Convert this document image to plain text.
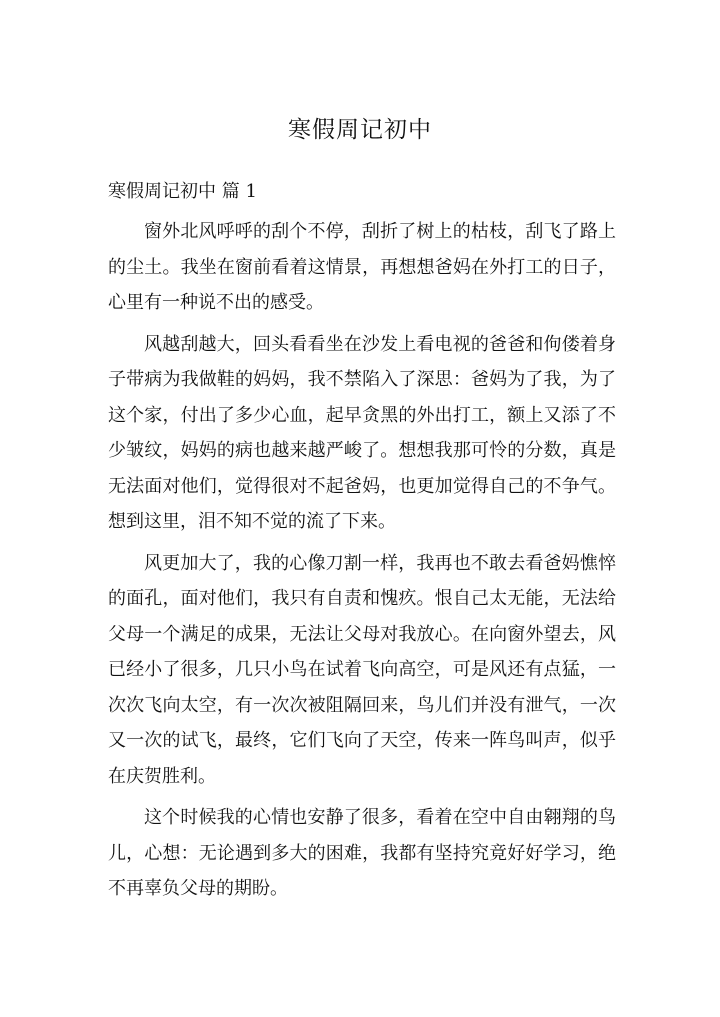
寒假周记初中
寒假周记初中 篇 1

窗外北风呼呼的刮个不停，刮折了树上的枯枝，刮飞了路上的尘土。我坐在窗前看着这情景，再想想爸妈在外打工的日子，心里有一种说不出的感受。

风越刮越大，回头看看坐在沙发上看电视的爸爸和佝偻着身子带病为我做鞋的妈妈，我不禁陷入了深思：爸妈为了我，为了这个家，付出了多少心血，起早贪黑的外出打工，额上又添了不少皱纹，妈妈的病也越来越严峻了。想想我那可怜的分数，真是无法面对他们，觉得很对不起爸妈，也更加觉得自己的不争气。想到这里，泪不知不觉的流了下来。

风更加大了，我的心像刀割一样，我再也不敢去看爸妈憔悴的面孔，面对他们，我只有自责和愧疚。恨自己太无能，无法给父母一个满足的成果，无法让父母对我放心。在向窗外望去，风已经小了很多，几只小鸟在试着飞向高空，可是风还有点猛，一次次飞向太空，有一次次被阻隔回来，鸟儿们并没有泄气，一次又一次的试飞，最终，它们飞向了天空，传来一阵鸟叫声，似乎在庆贺胜利。

这个时候我的心情也安静了很多，看着在空中自由翱翔的鸟儿，心想：无论遇到多大的困难，我都有坚持究竟好好学习，绝不再辜负父母的期盼。
